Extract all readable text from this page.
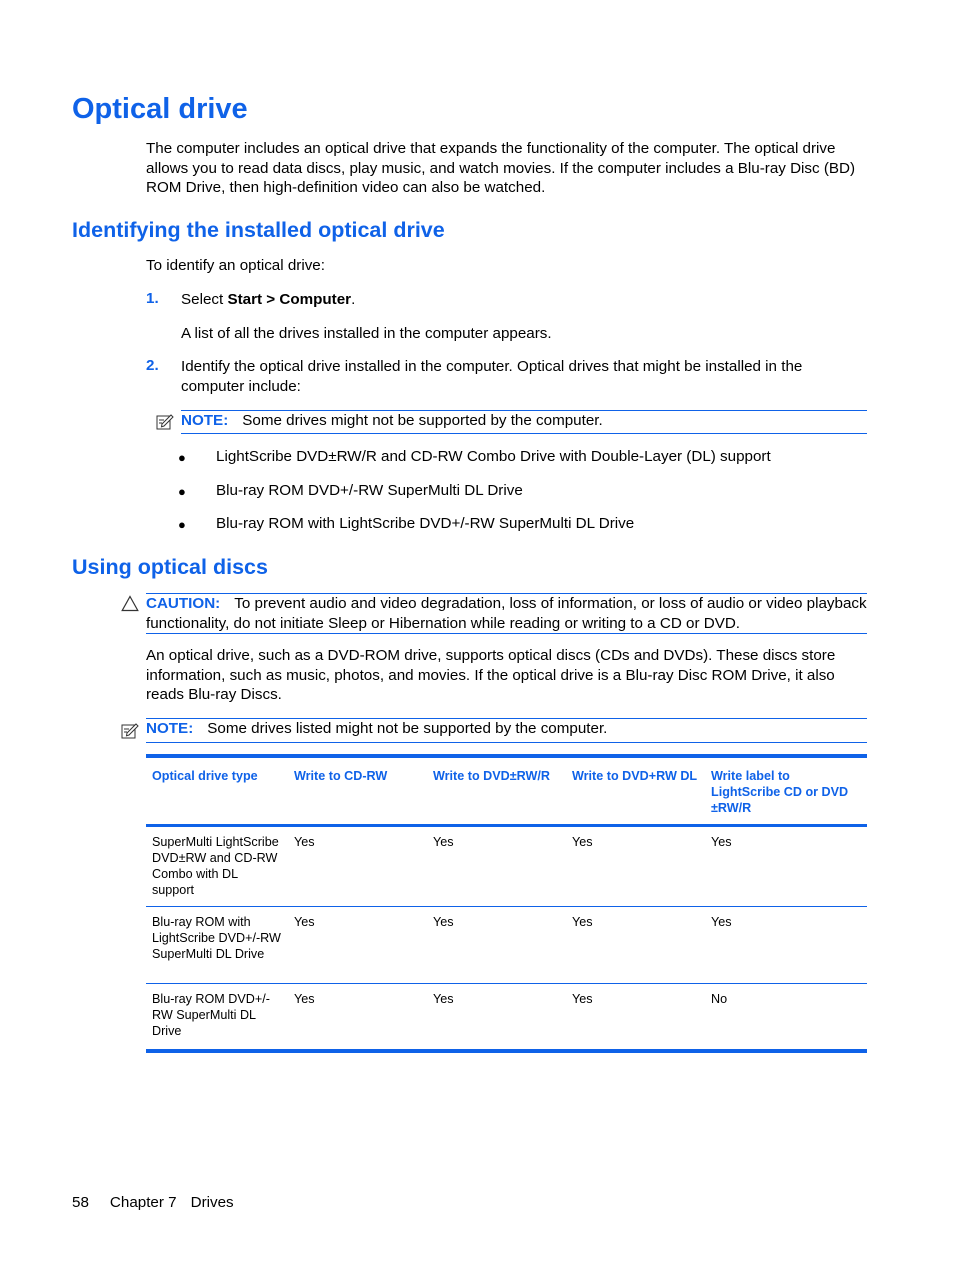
Optical drive

The computer includes an optical drive that expands the functionality of the computer. The optical drive allows you to read data discs, play music, and watch movies. If the computer includes a Blu-ray Disc (BD) ROM Drive, then high-definition video can also be watched.

Identifying the installed optical drive

To identify an optical drive:

1. Select Start > Computer.

A list of all the drives installed in the computer appears.

2. Identify the optical drive installed in the computer. Optical drives that might be installed in the computer include:

NOTE: Some drives might not be supported by the computer.
● LightScribe DVD±RW/R and CD-RW Combo Drive with Double-Layer (DL) support

● Blu-ray ROM DVD+/-RW SuperMulti DL Drive

● Blu-ray ROM with LightScribe DVD+/-RW SuperMulti DL Drive

Using optical discs
CAUTION: To prevent audio and video degradation, loss of information, or loss of audio or video playback functionality, do not initiate Sleep or Hibernation while reading or writing to a CD or DVD.

An optical drive, such as a DVD-ROM drive, supports optical discs (CDs and DVDs). These discs store information, such as music, photos, and movies. If the optical drive is a Blu-ray Disc ROM Drive, it also reads Blu-ray Discs.

NOTE: Some drives listed might not be supported by the computer.
Optical drive type	Write to CD-RW	Write to DVD±RW/R	Write to DVD+RW DL	Write label to LightScribe CD or DVD ±RW/R
SuperMulti LightScribe DVD±RW and CD-RW Combo with DL support	Yes	Yes	Yes	Yes
Blu-ray ROM with LightScribe DVD+/-RW SuperMulti DL Drive	Yes	Yes	Yes	Yes
Blu-ray ROM DVD+/-RW SuperMulti DL Drive	Yes	Yes	Yes	No
58 Chapter 7 Drives
